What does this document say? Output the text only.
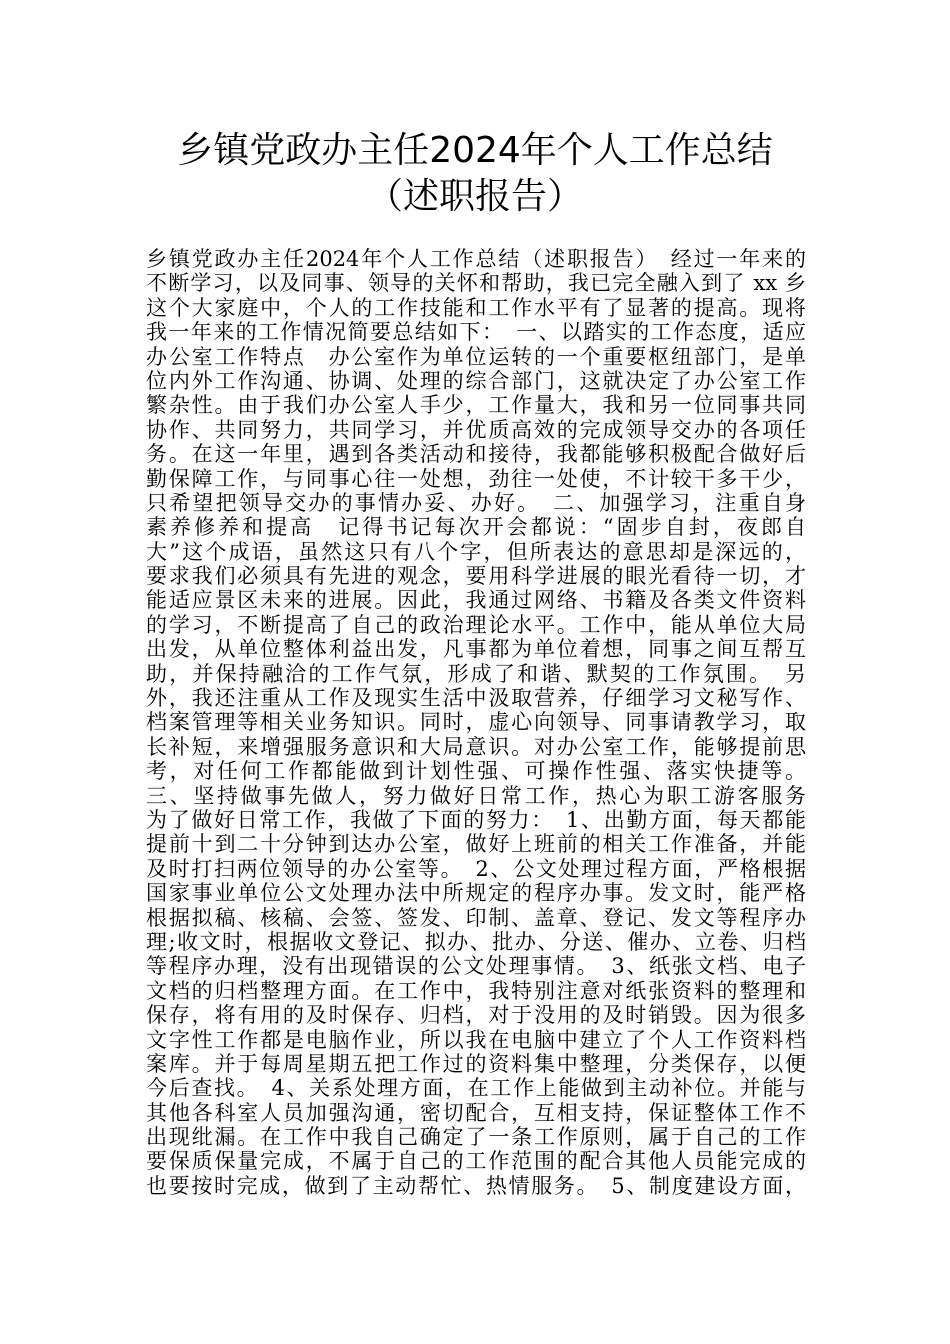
乡镇党政办主任2024年个人工作总结
（述职报告）
乡镇党政办主任2024年个人工作总结（述职报告）　经过一年来的
不断学习，以及同事、领导的关怀和帮助，我已完全融入到了 xx 乡
这个大家庭中，个人的工作技能和工作水平有了显著的提高。现将
我一年来的工作情况简要总结如下：　一、以踏实的工作态度，适应
办公室工作特点　办公室作为单位运转的一个重要枢纽部门，是单
位内外工作沟通、协调、处理的综合部门，这就决定了办公室工作
繁杂性。由于我们办公室人手少，工作量大，我和另一位同事共同
协作、共同努力，共同学习，并优质高效的完成领导交办的各项任
务。在这一年里，遇到各类活动和接待，我都能够积极配合做好后
勤保障工作，与同事心往一处想，劲往一处使，不计较干多干少，
只希望把领导交办的事情办妥、办好。　二、加强学习，注重自身
素养修养和提高　记得书记每次开会都说：“固步自封，夜郎自
大”这个成语，虽然这只有八个字，但所表达的意思却是深远的，
要求我们必须具有先进的观念，要用科学进展的眼光看待一切，才
能适应景区未来的进展。因此，我通过网络、书籍及各类文件资料
的学习，不断提高了自己的政治理论水平。工作中，能从单位大局
出发，从单位整体利益出发，凡事都为单位着想，同事之间互帮互
助，并保持融洽的工作气氛，形成了和谐、默契的工作氛围。　另
外，我还注重从工作及现实生活中汲取营养，仔细学习文秘写作、
档案管理等相关业务知识。同时，虚心向领导、同事请教学习，取
长补短，来增强服务意识和大局意识。对办公室工作，能够提前思
考，对任何工作都能做到计划性强、可操作性强、落实快捷等。
三、坚持做事先做人，努力做好日常工作，热心为职工游客服务
为了做好日常工作，我做了下面的努力：　1、出勤方面，每天都能
提前十到二十分钟到达办公室，做好上班前的相关工作准备，并能
及时打扫两位领导的办公室等。　2、公文处理过程方面，严格根据
国家事业单位公文处理办法中所规定的程序办事。发文时，能严格
根据拟稿、核稿、会签、签发、印制、盖章、登记、发文等程序办
理;收文时，根据收文登记、拟办、批办、分送、催办、立卷、归档
等程序办理，没有出现错误的公文处理事情。　3、纸张文档、电子
文档的归档整理方面。在工作中，我特别注意对纸张资料的整理和
保存，将有用的及时保存、归档，对于没用的及时销毁。因为很多
文字性工作都是电脑作业，所以我在电脑中建立了个人工作资料档
案库。并于每周星期五把工作过的资料集中整理，分类保存，以便
今后查找。　4、关系处理方面，在工作上能做到主动补位。并能与
其他各科室人员加强沟通，密切配合，互相支持，保证整体工作不
出现纰漏。在工作中我自己确定了一条工作原则，属于自己的工作
要保质保量完成，不属于自己的工作范围的配合其他人员能完成的
也要按时完成，做到了主动帮忙、热情服务。　5、制度建设方面，
